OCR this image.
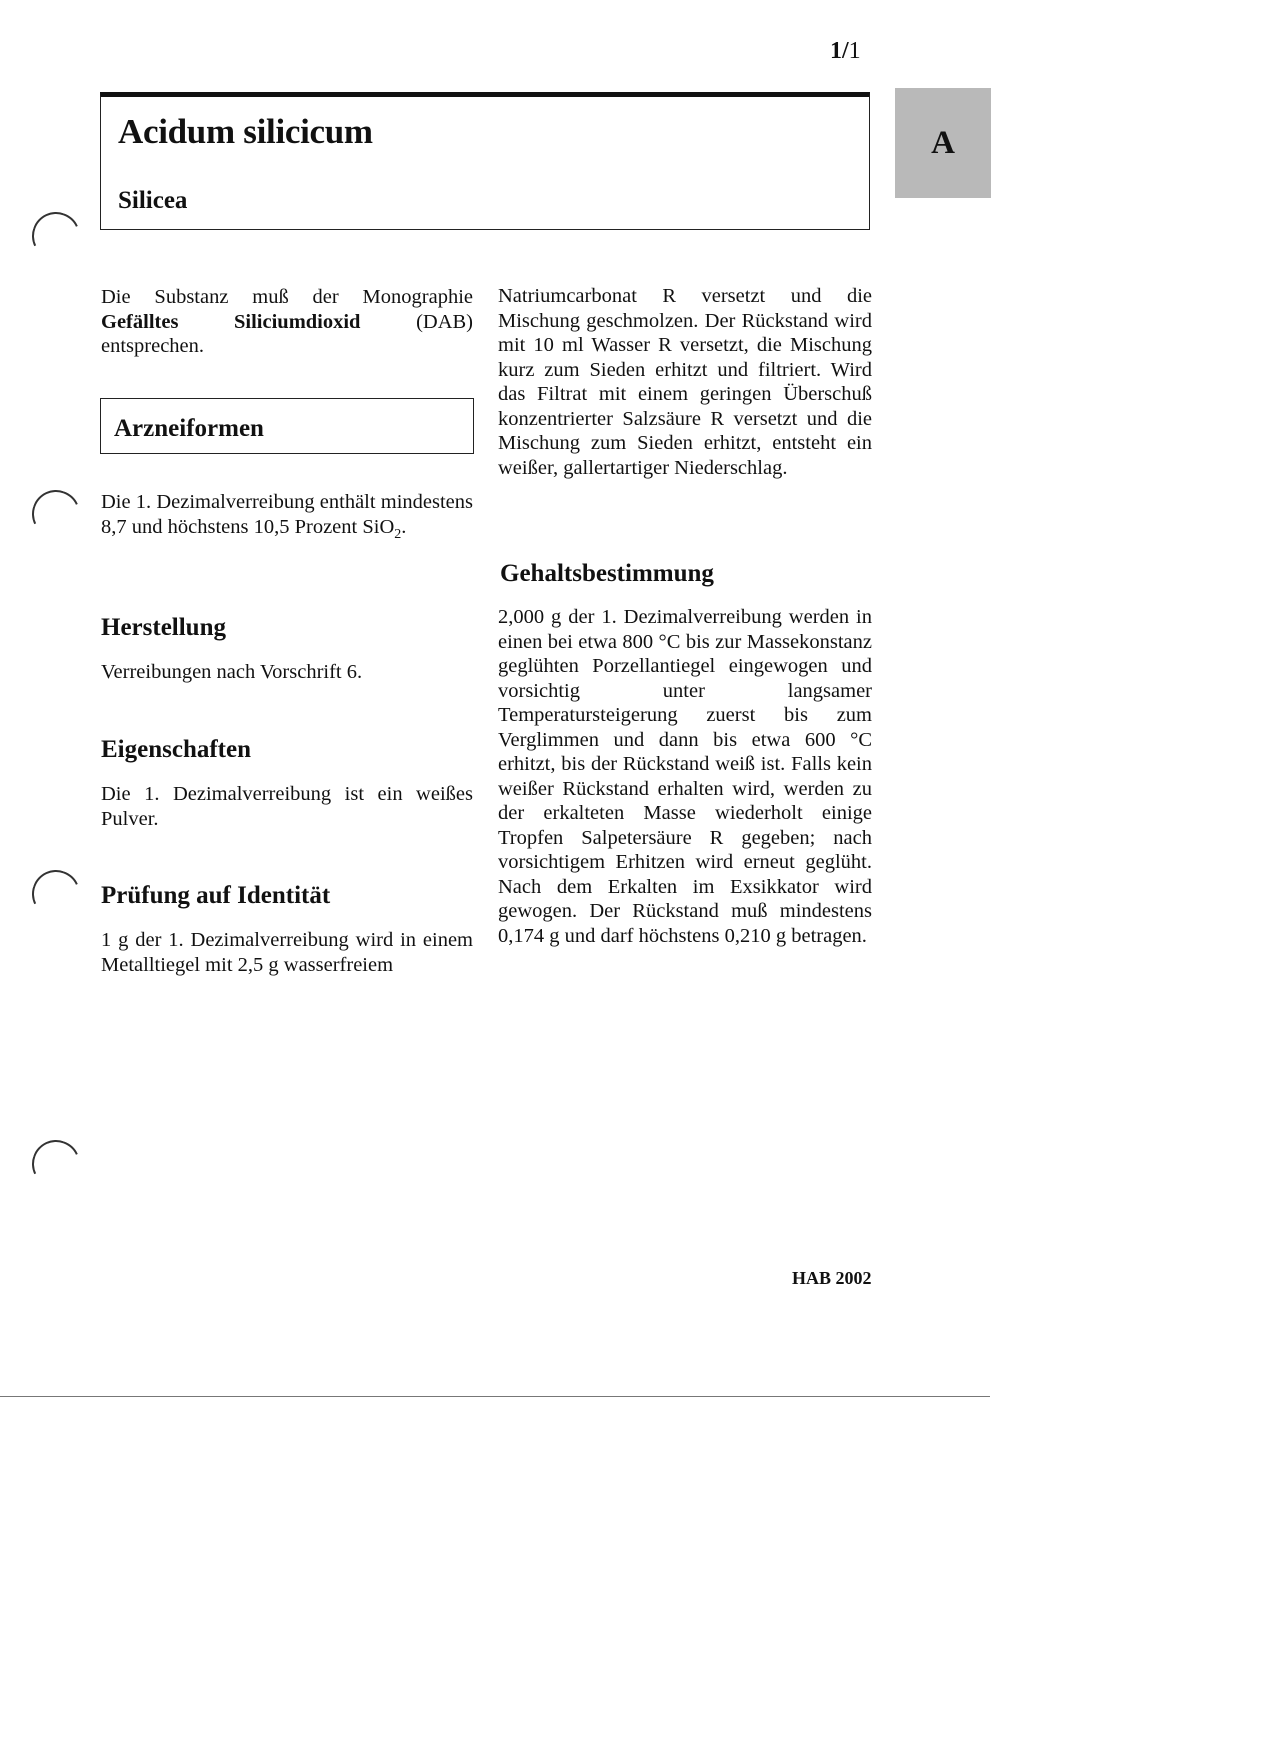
1/1
Acidum silicicum
Silicea
A

Die Substanz muß der Monographie Gefälltes Siliciumdioxid (DAB) entsprechen.

Arzneiformen

Die 1. Dezimalverreibung enthält mindestens 8,7 und höchstens 10,5 Prozent SiO$_2$.

Herstellung
Verreibungen nach Vorschrift 6.
Eigenschaften
Die 1. Dezimalverreibung ist ein weißes Pulver.
Prüfung auf Identität
1 g der 1. Dezimalverreibung wird in einem Metalltiegel mit 2,5 g wasserfreiem
Natriumcarbonat R versetzt und die Mischung geschmolzen. Der Rückstand wird mit 10 ml Wasser R versetzt, die Mischung kurz zum Sieden erhitzt und filtriert. Wird das Filtrat mit einem geringen Überschuß konzentrierter Salzsäure R versetzt und die Mischung zum Sieden erhitzt, entsteht ein weißer, gallertartiger Niederschlag.
Gehaltsbestimmung
2,000 g der 1. Dezimalverreibung werden in einen bei etwa 800 °C bis zur Massekonstanz geglühten Porzellantiegel eingewogen und vorsichtig unter langsamer Temperatursteigerung zuerst bis zum Verglimmen und dann bis etwa 600 °C erhitzt, bis der Rückstand weiß ist. Falls kein weißer Rückstand erhalten wird, werden zu der erkalteten Masse wiederholt einige Tropfen Salpetersäure R gegeben; nach vorsichtigem Erhitzen wird erneut geglüht. Nach dem Erkalten im Exsikkator wird gewogen. Der Rückstand muß mindestens 0,174 g und darf höchstens 0,210 g betragen.
HAB 2002
